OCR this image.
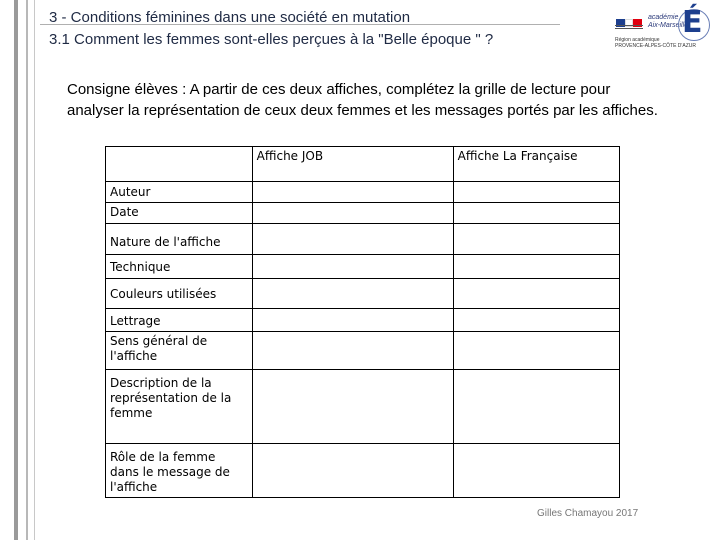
3 - Conditions féminines dans une société en mutation
3.1 Comment les femmes sont-elles perçues à la "Belle époque " ?
académie
Aix-Marseille
É
Région académique
PROVENCE-ALPES-CÔTE D'AZUR
Consigne élèves : A partir de ces deux affiches, complétez la grille de lecture pour analyser la représentation de ceux deux femmes et les messages portés par les affiches.
	Affiche JOB	Affiche La Française
Auteur		
Date		
Nature de l'affiche		
Technique		
Couleurs utilisées		
Lettrage		
Sens général de l'affiche		
Description de la représentation de la femme		
Rôle de la femme dans le message de l'affiche		
Gilles Chamayou 2017
